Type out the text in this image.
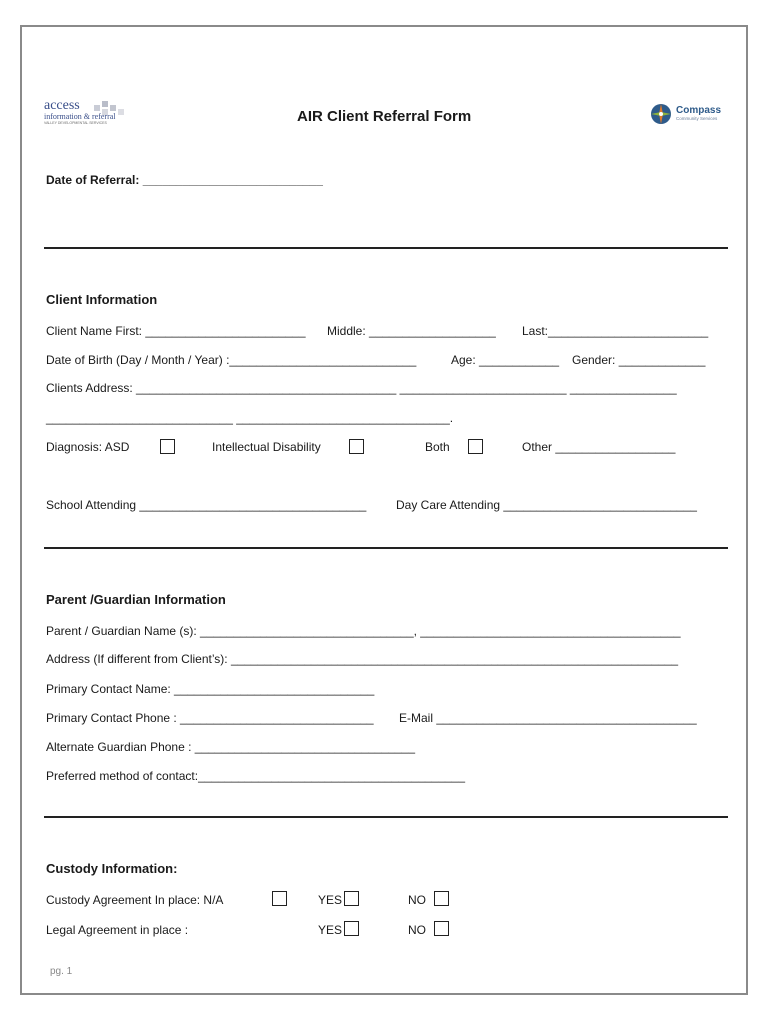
access
information & referral
VALLEY DEVELOPMENTAL SERVICES	AIR Client Referral Form	Compass
Community Services
Date of Referral: ___________________________
Client Information
Client Name First: ________________________ Middle: ___________________ Last:________________________
Date of Birth (Day / Month / Year) :____________________________	Age: ____________ Gender: _____________
Clients Address: _______________________________________ _________________________ ________________
____________________________ ________________________________.
Diagnosis: ASD	Intellectual Disability	Both	Other __________________
School Attending __________________________________ Day Care Attending _____________________________
Parent /Guardian Information
Parent / Guardian Name (s): ________________________________, _______________________________________
Address (If different from Client’s): ___________________________________________________________________
Primary Contact Name: ______________________________
Primary Contact Phone : _____________________________ E-Mail _______________________________________
Alternate Guardian Phone : _________________________________
Preferred method of contact:________________________________________
Custody Information:
Custody Agreement In place: N/A	YES	NO
Legal Agreement in place :	YES	NO
pg. 1
